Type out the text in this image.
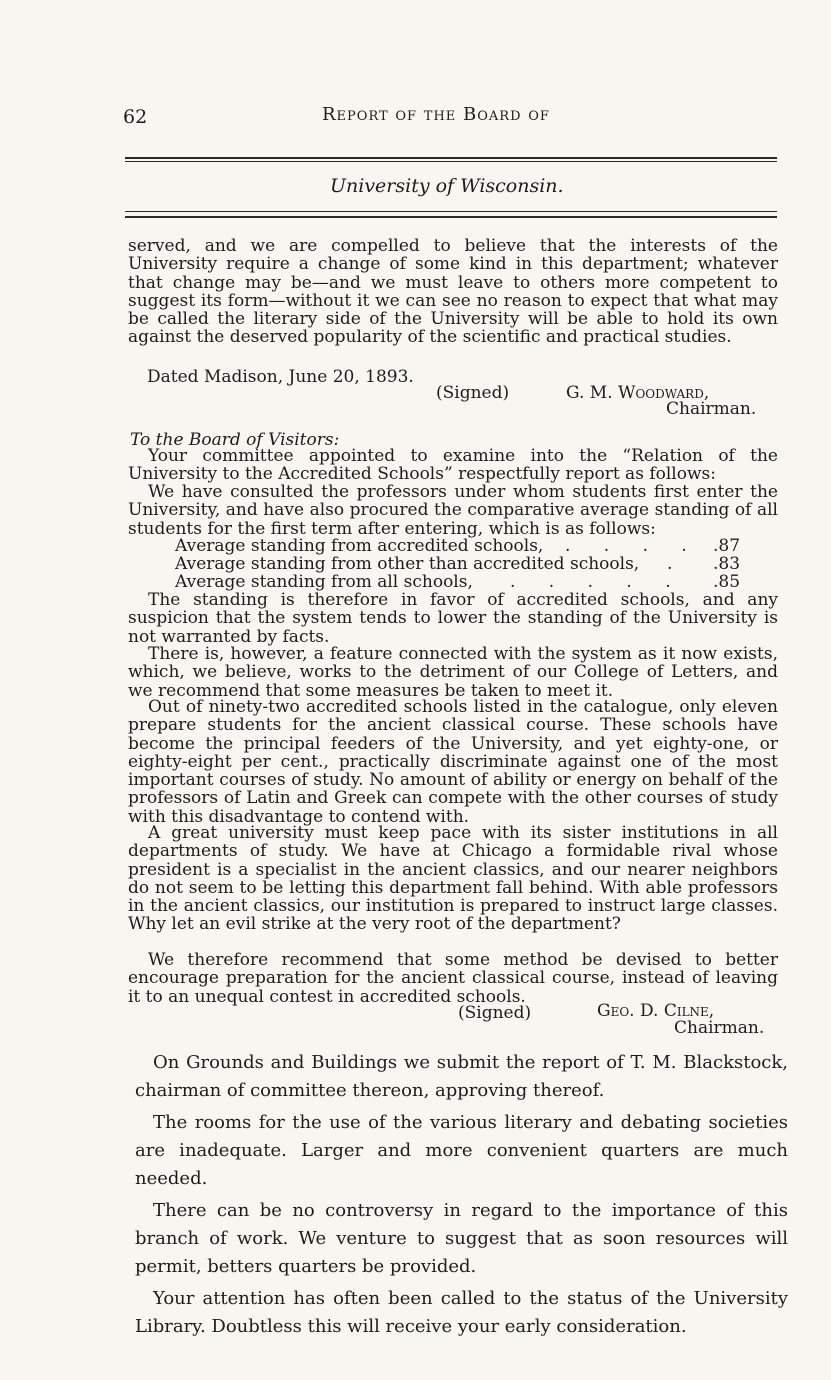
62	Report of the Board of
University of Wisconsin.
served, and we are compelled to believe that the interests of the University require a change of some kind in this department; whatever that change may be—and we must leave to others more competent to suggest its form—without it we can see no reason to expect that what may be called the literary side of the University will be able to hold its own against the deserved popularity of the scientific and practical studies.
Dated Madison, June 20, 1893.
(Signed)	G. M. Woodward,
Chairman.
To the Board of Visitors:
Your committee appointed to examine into the “Relation of the University to the Accredited Schools” respectfully report as follows:
We have consulted the professors under whom students first enter the University, and have also procured the comparative average standing of all students for the first term after entering, which is as follows:
Average standing from accredited schools, . . . . .87
Average standing from other than accredited schools, . .83
Average standing from all schools, . . . . . .85
The standing is therefore in favor of accredited schools, and any suspicion that the system tends to lower the standing of the University is not warranted by facts.
There is, however, a feature connected with the system as it now exists, which, we believe, works to the detriment of our College of Letters, and we recommend that some measures be taken to meet it.
Out of ninety-two accredited schools listed in the catalogue, only eleven prepare students for the ancient classical course. These schools have become the principal feeders of the University, and yet eighty-one, or eighty-eight per cent., practically discriminate against one of the most important courses of study. No amount of ability or energy on behalf of the professors of Latin and Greek can compete with the other courses of study with this disadvantage to contend with.
A great university must keep pace with its sister institutions in all departments of study. We have at Chicago a formidable rival whose president is a specialist in the ancient classics, and our nearer neighbors do not seem to be letting this department fall behind. With able professors in the ancient classics, our institution is prepared to instruct large classes. Why let an evil strike at the very root of the department?
We therefore recommend that some method be devised to better encourage preparation for the ancient classical course, instead of leaving it to an unequal contest in accredited schools.
(Signed)	Geo. D. Cilne,
Chairman.

On Grounds and Buildings we submit the report of T. M. Blackstock, chairman of committee thereon, approving thereof.

The rooms for the use of the various literary and debating societies are inadequate. Larger and more convenient quarters are much needed.

There can be no controversy in regard to the importance of this branch of work. We venture to suggest that as soon resources will permit, betters quarters be provided.

Your attention has often been called to the status of the University Library. Doubtless this will receive your early consideration.
